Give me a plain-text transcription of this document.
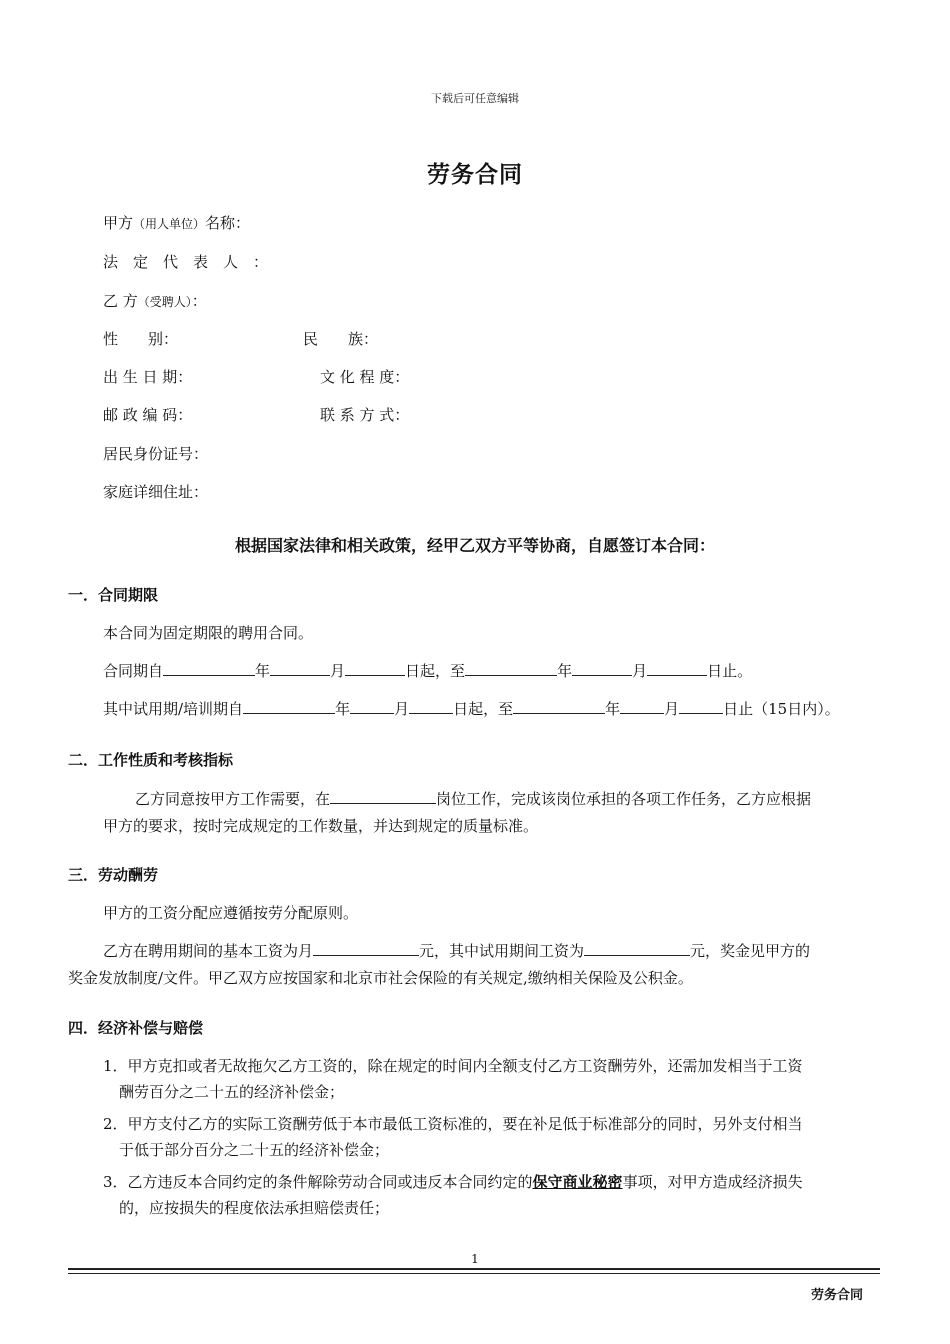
下载后可任意编辑
劳务合同
甲方（用人单位）名称：
法　定　代　表　人　：
乙 方（受聘人）：
性　　别：	民　　族：
出 生 日 期：	文 化 程 度：
邮 政 编 码：	联 系 方 式：
居民身份证号：
家庭详细住址：
根据国家法律和相关政策，经甲乙双方平等协商，自愿签订本合同：
一．合同期限
本合同为固定期限的聘用合同。
合同期自	年	月	日起，至	年	月	日止。
其中试用期/培训期自	年	月	日起，至	年	月	日止（15日内）。
二．工作性质和考核指标
乙方同意按甲方工作需要，在	岗位工作，完成该岗位承担的各项工作任务，乙方应根据
甲方的要求，按时完成规定的工作数量，并达到规定的质量标准。
三．劳动酬劳
甲方的工资分配应遵循按劳分配原则。
乙方在聘用期间的基本工资为月	元，其中试用期间工资为	元，奖金见甲方的
奖金发放制度/文件。甲乙双方应按国家和北京市社会保险的有关规定,缴纳相关保险及公积金。
四．经济补偿与赔偿
1．甲方克扣或者无故拖欠乙方工资的，除在规定的时间内全额支付乙方工资酬劳外，还需加发相当于工资
酬劳百分之二十五的经济补偿金；
2．甲方支付乙方的实际工资酬劳低于本市最低工资标准的，要在补足低于标准部分的同时，另外支付相当
于低于部分百分之二十五的经济补偿金；
3．乙方违反本合同约定的条件解除劳动合同或违反本合同约定的保守商业秘密事项，对甲方造成经济损失
的，应按损失的程度依法承担赔偿责任；
1
劳务合同
